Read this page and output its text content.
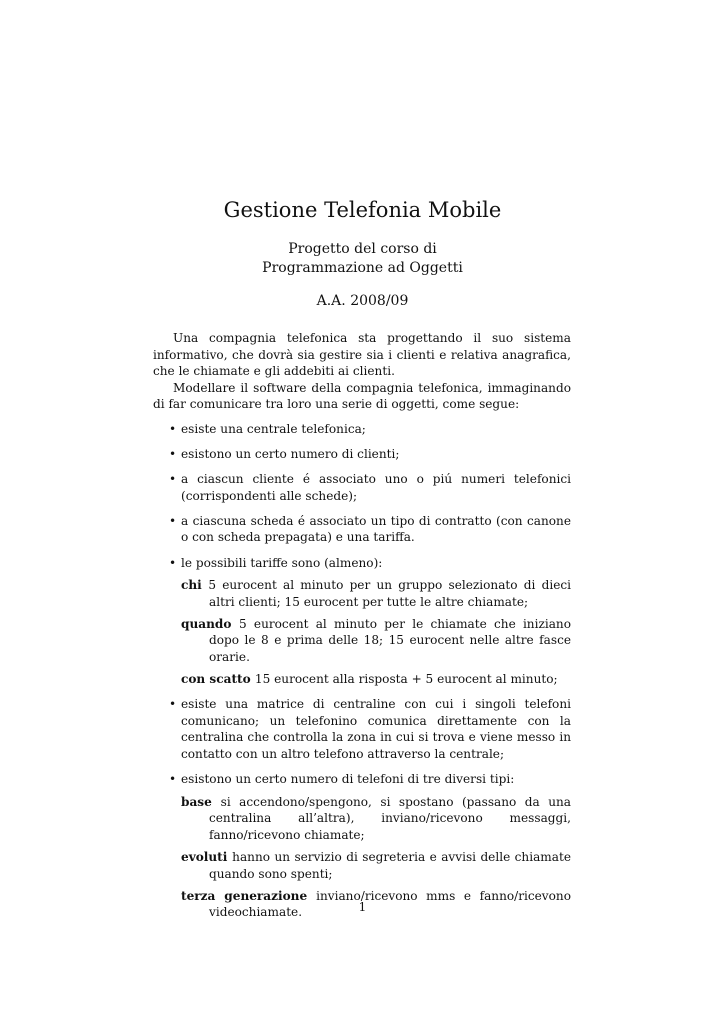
Gestione Telefonia Mobile
Progetto del corso di
Programmazione ad Oggetti
A.A. 2008/09

Una compagnia telefonica sta progettando il suo sistema informativo, che dovrà sia gestire sia i clienti e relativa anagrafica, che le chiamate e gli addebiti ai clienti.

Modellare il software della compagnia telefonica, immaginando di far comunicare tra loro una serie di oggetti, come segue:

• esiste una centrale telefonica;
• esistono un certo numero di clienti;
• a ciascun cliente é associato uno o piú numeri telefonici (corrispondenti alle schede);
• a ciascuna scheda é associato un tipo di contratto (con canone o con scheda prepagata) e una tariffa.
• le possibili tariffe sono (almeno):
chi 5 eurocent al minuto per un gruppo selezionato di dieci altri clienti; 15 eurocent per tutte le altre chiamate;
quando 5 eurocent al minuto per le chiamate che iniziano dopo le 8 e prima delle 18; 15 eurocent nelle altre fasce orarie.
con scatto 15 eurocent alla risposta + 5 eurocent al minuto;
• esiste una matrice di centraline con cui i singoli telefoni comunicano; un telefonino comunica direttamente con la centralina che controlla la zona in cui si trova e viene messo in contatto con un altro telefono attraverso la centrale;
• esistono un certo numero di telefoni di tre diversi tipi:
base si accendono/spengono, si spostano (passano da una centralina all’altra), inviano/ricevono messaggi, fanno/ricevono chiamate;
evoluti hanno un servizio di segreteria e avvisi delle chiamate quando sono spenti;
terza generazione inviano/ricevono mms e fanno/ricevono videochiamate.	1
